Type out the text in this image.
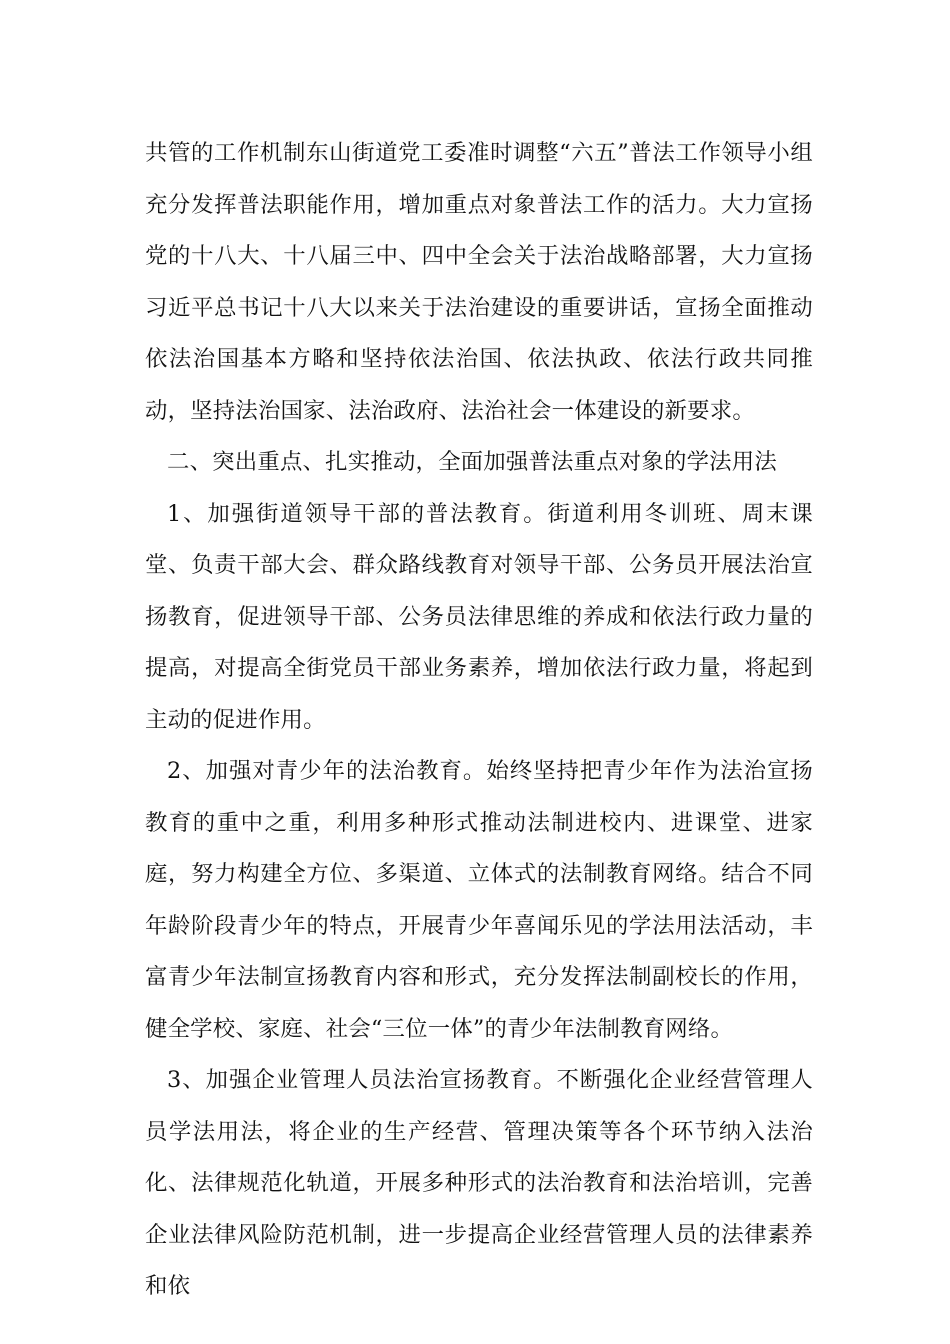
共管的工作机制东山街道党工委准时调整“六五”普法工作领导小组充分发挥普法职能作用，增加重点对象普法工作的活力。大力宣扬党的十八大、十八届三中、四中全会关于法治战略部署，大力宣扬习近平总书记十八大以来关于法治建设的重要讲话，宣扬全面推动依法治国基本方略和坚持依法治国、依法执政、依法行政共同推动，坚持法治国家、法治政府、法治社会一体建设的新要求。

二、突出重点、扎实推动，全面加强普法重点对象的学法用法

1、加强街道领导干部的普法教育。街道利用冬训班、周末课堂、负责干部大会、群众路线教育对领导干部、公务员开展法治宣扬教育，促进领导干部、公务员法律思维的养成和依法行政力量的提高，对提高全街党员干部业务素养，增加依法行政力量，将起到主动的促进作用。

2、加强对青少年的法治教育。始终坚持把青少年作为法治宣扬教育的重中之重，利用多种形式推动法制进校内、进课堂、进家庭，努力构建全方位、多渠道、立体式的法制教育网络。结合不同年龄阶段青少年的特点，开展青少年喜闻乐见的学法用法活动，丰富青少年法制宣扬教育内容和形式，充分发挥法制副校长的作用，健全学校、家庭、社会“三位一体”的青少年法制教育网络。

3、加强企业管理人员法治宣扬教育。不断强化企业经营管理人员学法用法，将企业的生产经营、管理决策等各个环节纳入法治化、法律规范化轨道，开展多种形式的法治教育和法治培训，完善企业法律风险防范机制，进一步提高企业经营管理人员的法律素养和依
